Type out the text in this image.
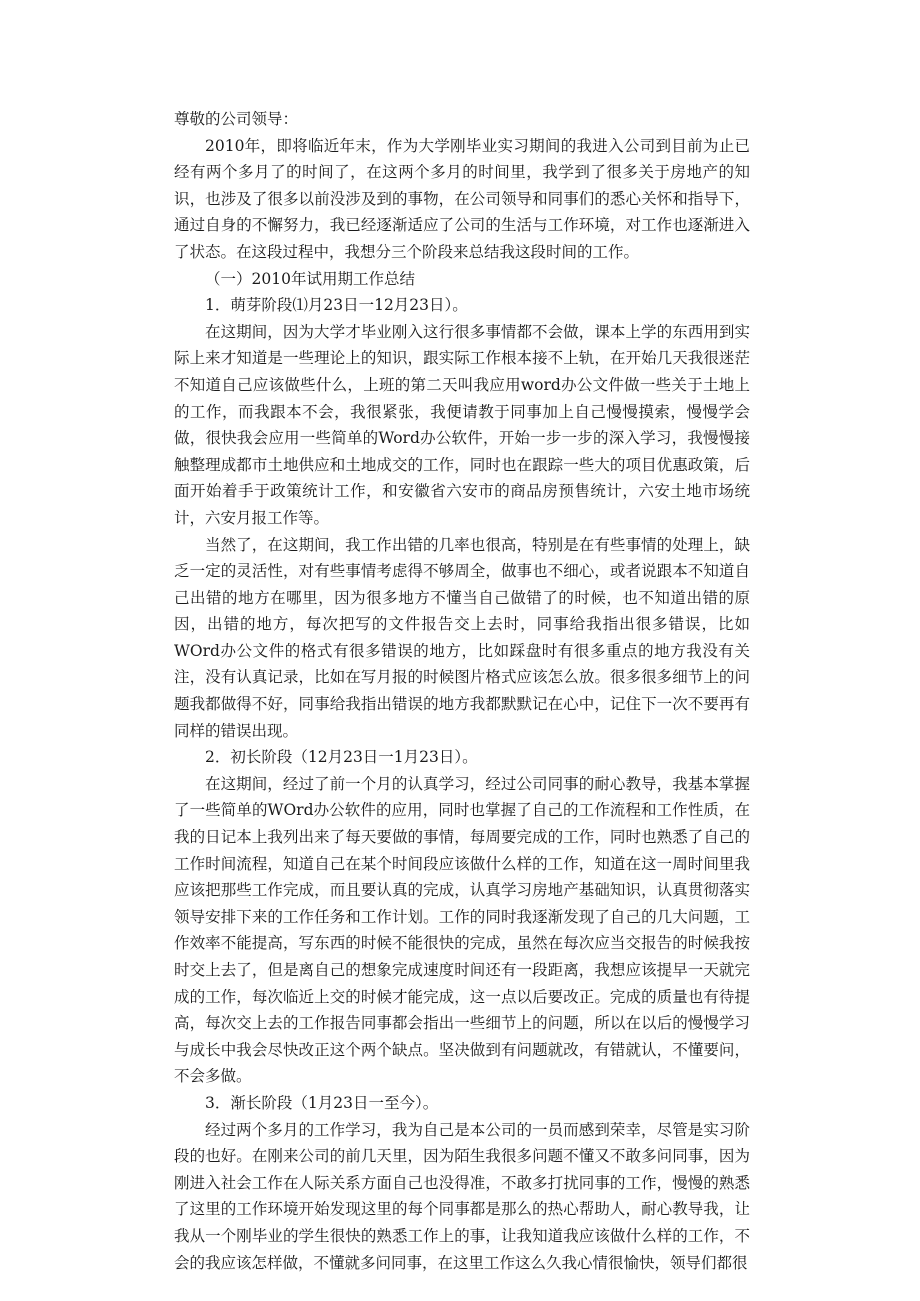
尊敬的公司领导：

2010年，即将临近年末，作为大学刚毕业实习期间的我进入公司到目前为止已经有两个多月了的时间了，在这两个多月的时间里，我学到了很多关于房地产的知识，也涉及了很多以前没涉及到的事物，在公司领导和同事们的悉心关怀和指导下，通过自身的不懈努力，我已经逐渐适应了公司的生活与工作环境，对工作也逐渐进入了状态。在这段过程中，我想分三个阶段来总结我这段时间的工作。

（一）2010年试用期工作总结

1．萌芽阶段⑴月23日一12月23日）。

在这期间，因为大学才毕业刚入这行很多事情都不会做，课本上学的东西用到实际上来才知道是一些理论上的知识，跟实际工作根本接不上轨，在开始几天我很迷茫不知道自己应该做些什么，上班的第二天叫我应用word办公文件做一些关于土地上的工作，而我跟本不会，我很紧张，我便请教于同事加上自己慢慢摸索，慢慢学会做，很快我会应用一些简单的Word办公软件，开始一步一步的深入学习，我慢慢接触整理成都市土地供应和土地成交的工作，同时也在跟踪一些大的项目优惠政策，后面开始着手于政策统计工作，和安徽省六安市的商品房预售统计，六安土地市场统计，六安月报工作等。

当然了，在这期间，我工作出错的几率也很高，特别是在有些事情的处理上，缺乏一定的灵活性，对有些事情考虑得不够周全，做事也不细心，或者说跟本不知道自己出错的地方在哪里，因为很多地方不懂当自己做错了的时候，也不知道出错的原因，出错的地方，每次把写的文件报告交上去时，同事给我指出很多错误，比如WOrd办公文件的格式有很多错误的地方，比如踩盘时有很多重点的地方我没有关注，没有认真记录，比如在写月报的时候图片格式应该怎么放。很多很多细节上的问题我都做得不好，同事给我指出错误的地方我都默默记在心中，记住下一次不要再有同样的错误出现。

2．初长阶段（12月23日一1月23日）。

在这期间，经过了前一个月的认真学习，经过公司同事的耐心教导，我基本掌握了一些简单的WOrd办公软件的应用，同时也掌握了自己的工作流程和工作性质，在我的日记本上我列出来了每天要做的事情，每周要完成的工作，同时也熟悉了自己的工作时间流程，知道自己在某个时间段应该做什么样的工作，知道在这一周时间里我应该把那些工作完成，而且要认真的完成，认真学习房地产基础知识，认真贯彻落实领导安排下来的工作任务和工作计划。工作的同时我逐渐发现了自己的几大问题，工作效率不能提高，写东西的时候不能很快的完成，虽然在每次应当交报告的时候我按时交上去了，但是离自己的想象完成速度时间还有一段距离，我想应该提早一天就完成的工作，每次临近上交的时候才能完成，这一点以后要改正。完成的质量也有待提高，每次交上去的工作报告同事都会指出一些细节上的问题，所以在以后的慢慢学习与成长中我会尽快改正这个两个缺点。坚决做到有问题就改，有错就认，不懂要问，不会多做。

3．渐长阶段（1月23日一至今）。

经过两个多月的工作学习，我为自己是本公司的一员而感到荣幸，尽管是实习阶段的也好。在刚来公司的前几天里，因为陌生我很多问题不懂又不敢多问同事，因为刚进入社会工作在人际关系方面自己也没得准，不敢多打扰同事的工作，慢慢的熟悉了这里的工作环境开始发现这里的每个同事都是那么的热心帮助人，耐心教导我，让我从一个刚毕业的学生很快的熟悉工作上的事，让我知道我应该做什么样的工作，不会的我应该怎样做，不懂就多问同事，在这里工作这么久我心情很愉快，领导们都很
